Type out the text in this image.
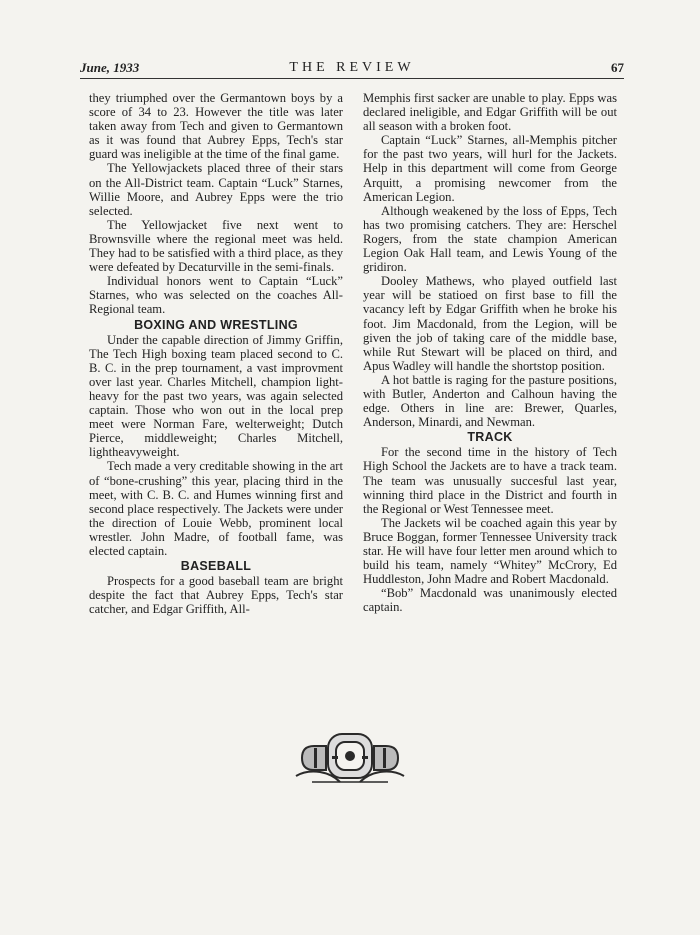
June, 1933	THE REVIEW	67

they triumphed over the Germantown boys by a score of 34 to 23. However the title was later taken away from Tech and given to Germantown as it was found that Aubrey Epps, Tech's star guard was ineligible at the time of the final game.

The Yellowjackets placed three of their stars on the All-District team. Captain “Luck” Starnes, Willie Moore, and Aubrey Epps were the trio selected.

The Yellowjacket five next went to Brownsville where the regional meet was held. They had to be satisfied with a third place, as they were defeated by Decaturville in the semi-finals.

Individual honors went to Captain “Luck” Starnes, who was selected on the coaches All-Regional team.

BOXING AND WRESTLING

Under the capable direction of Jimmy Griffin, The Tech High boxing team placed second to C. B. C. in the prep tournament, a vast improvment over last year. Charles Mitchell, champion light-heavy for the past two years, was again selected captain. Those who won out in the local prep meet were Norman Fare, welterweight; Dutch Pierce, middleweight; Charles Mitchell, lightheavyweight.

Tech made a very creditable showing in the art of “bone-crushing” this year, placing third in the meet, with C. B. C. and Humes winning first and second place respectively. The Jackets were under the direction of Louie Webb, prominent local wrestler. John Madre, of football fame, was elected captain.

BASEBALL

Prospects for a good baseball team are bright despite the fact that Aubrey Epps, Tech's star catcher, and Edgar Griffith, All-

Memphis first sacker are unable to play. Epps was declared ineligible, and Edgar Griffith will be out all season with a broken foot.

Captain “Luck” Starnes, all-Memphis pitcher for the past two years, will hurl for the Jackets. Help in this department will come from George Arquitt, a promising newcomer from the American Legion.

Although weakened by the loss of Epps, Tech has two promising catchers. They are: Herschel Rogers, from the state champion American Legion Oak Hall team, and Lewis Young of the gridiron.

Dooley Mathews, who played outfield last year will be statioed on first base to fill the vacancy left by Edgar Griffith when he broke his foot. Jim Macdonald, from the Legion, will be given the job of taking care of the middle base, while Rut Stewart will be placed on third, and Apus Wadley will handle the shortstop position.

A hot battle is raging for the pasture positions, with Butler, Anderton and Calhoun having the edge. Others in line are: Brewer, Quarles, Anderson, Minardi, and Newman.

TRACK

For the second time in the history of Tech High School the Jackets are to have a track team. The team was unusually succesful last year, winning third place in the District and fourth in the Regional or West Tennessee meet.

The Jackets wil be coached again this year by Bruce Boggan, former Tennessee University track star. He will have four letter men around which to build his team, namely “Whitey” McCrory, Ed Huddleston, John Madre and Robert Macdonald.

“Bob” Macdonald was unanimously elected captain.
